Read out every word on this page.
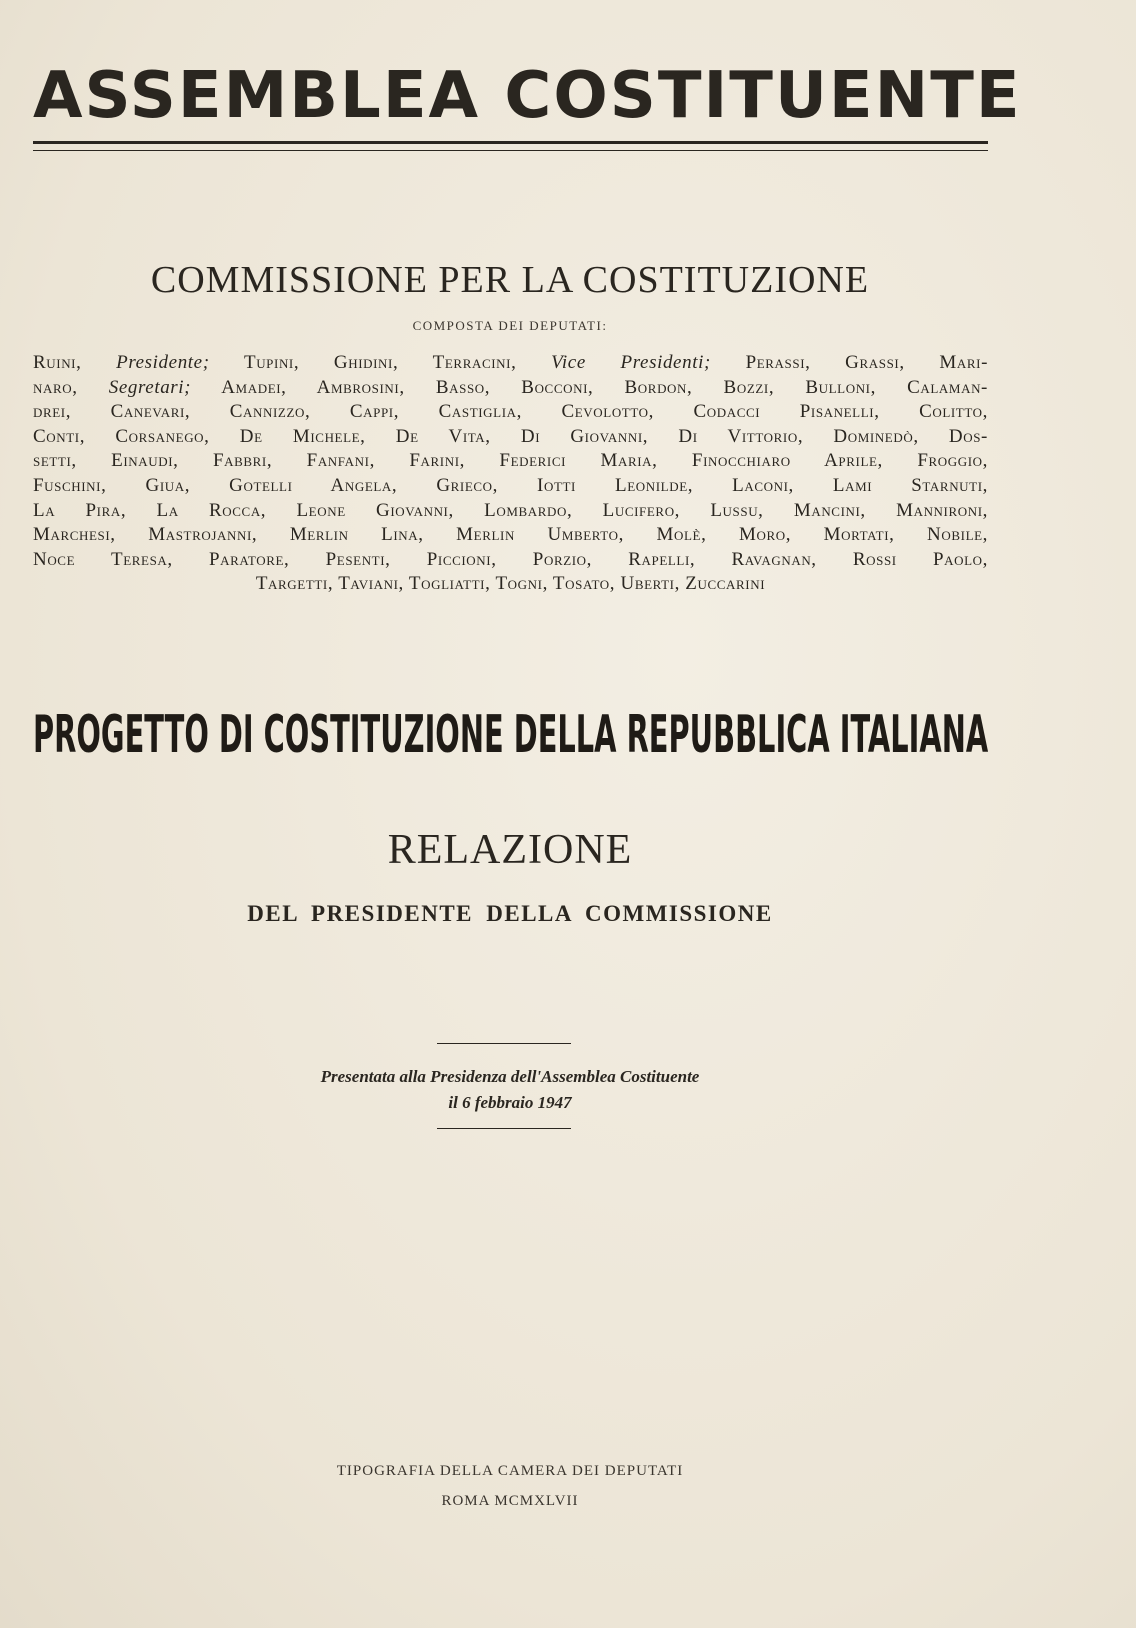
ASSEMBLEA COSTITUENTE
COMMISSIONE PER LA COSTITUZIONE
COMPOSTA DEI DEPUTATI:
Ruini, Presidente; Tupini, Ghidini, Terracini, Vice Presidenti; Perassi, Grassi, Mari-
naro, Segretari; Amadei, Ambrosini, Basso, Bocconi, Bordon, Bozzi, Bulloni, Calaman-
drei, Canevari, Cannizzo, Cappi, Castiglia, Cevolotto, Codacci Pisanelli, Colitto,
Conti, Corsanego, De Michele, De Vita, Di Giovanni, Di Vittorio, Dominedò, Dos-
setti, Einaudi, Fabbri, Fanfani, Farini, Federici Maria, Finocchiaro Aprile, Froggio,
Fuschini, Giua, Gotelli Angela, Grieco, Iotti Leonilde, Laconi, Lami Starnuti,
La Pira, La Rocca, Leone Giovanni, Lombardo, Lucifero, Lussu, Mancini, Mannironi,
Marchesi, Mastrojanni, Merlin Lina, Merlin Umberto, Molè, Moro, Mortati, Nobile,
Noce Teresa, Paratore, Pesenti, Piccioni, Porzio, Rapelli, Ravagnan, Rossi Paolo,
Targetti, Taviani, Togliatti, Togni, Tosato, Uberti, Zuccarini
PROGETTO DI COSTITUZIONE DELLA REPUBBLICA ITALIANA
RELAZIONE
DEL PRESIDENTE DELLA COMMISSIONE
Presentata alla Presidenza dell'Assemblea Costituente
il 6 febbraio 1947
TIPOGRAFIA DELLA CAMERA DEI DEPUTATI
ROMA MCMXLVII
